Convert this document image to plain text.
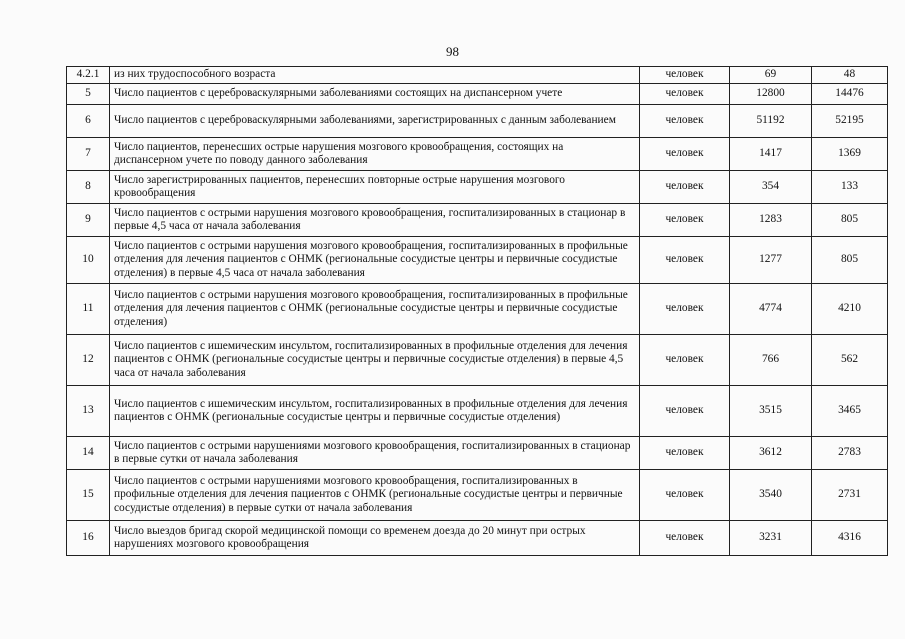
98
4.2.1	из них трудоспособного возраста	человек	69	48
5	Число пациентов с цереброваскулярными заболеваниями состоящих на диспансерном учете	человек	12800	14476
6	Число пациентов с цереброваскулярными заболеваниями, зарегистрированных с данным заболеванием	человек	51192	52195
7	Число пациентов, перенесших острые нарушения мозгового кровообращения, состоящих на диспансерном учете по поводу данного заболевания	человек	1417	1369
8	Число зарегистрированных пациентов, перенесших повторные острые нарушения мозгового кровообращения	человек	354	133
9	Число пациентов с острыми нарушения мозгового кровообращения, госпитализированных в стационар в первые 4,5 часа от начала заболевания	человек	1283	805
10	Число пациентов с острыми нарушения мозгового кровообращения, госпитализированных в профильные отделения для лечения пациентов с ОНМК (региональные сосудистые центры и первичные сосудистые отделения) в первые 4,5 часа от начала заболевания	человек	1277	805
11	Число пациентов с острыми нарушения мозгового кровообращения, госпитализированных в профильные отделения для лечения пациентов с ОНМК (региональные сосудистые центры и первичные сосудистые отделения)	человек	4774	4210
12	Число пациентов с ишемическим инсультом, госпитализированных в профильные отделения для лечения пациентов с ОНМК (региональные сосудистые центры и первичные сосудистые отделения) в первые 4,5 часа от начала заболевания	человек	766	562
13	Число пациентов с ишемическим инсультом, госпитализированных в профильные отделения для лечения пациентов с ОНМК (региональные сосудистые центры и первичные сосудистые отделения)	человек	3515	3465
14	Число пациентов с острыми нарушениями мозгового кровообращения, госпитализированных в стационар в первые сутки от начала заболевания	человек	3612	2783
15	Число пациентов с острыми нарушениями мозгового кровообращения, госпитализированных в профильные отделения для лечения пациентов с ОНМК (региональные сосудистые центры и первичные сосудистые отделения) в первые сутки от начала заболевания	человек	3540	2731
16	Число выездов бригад скорой медицинской помощи со временем доезда до 20 минут при острых нарушениях мозгового кровообращения	человек	3231	4316
